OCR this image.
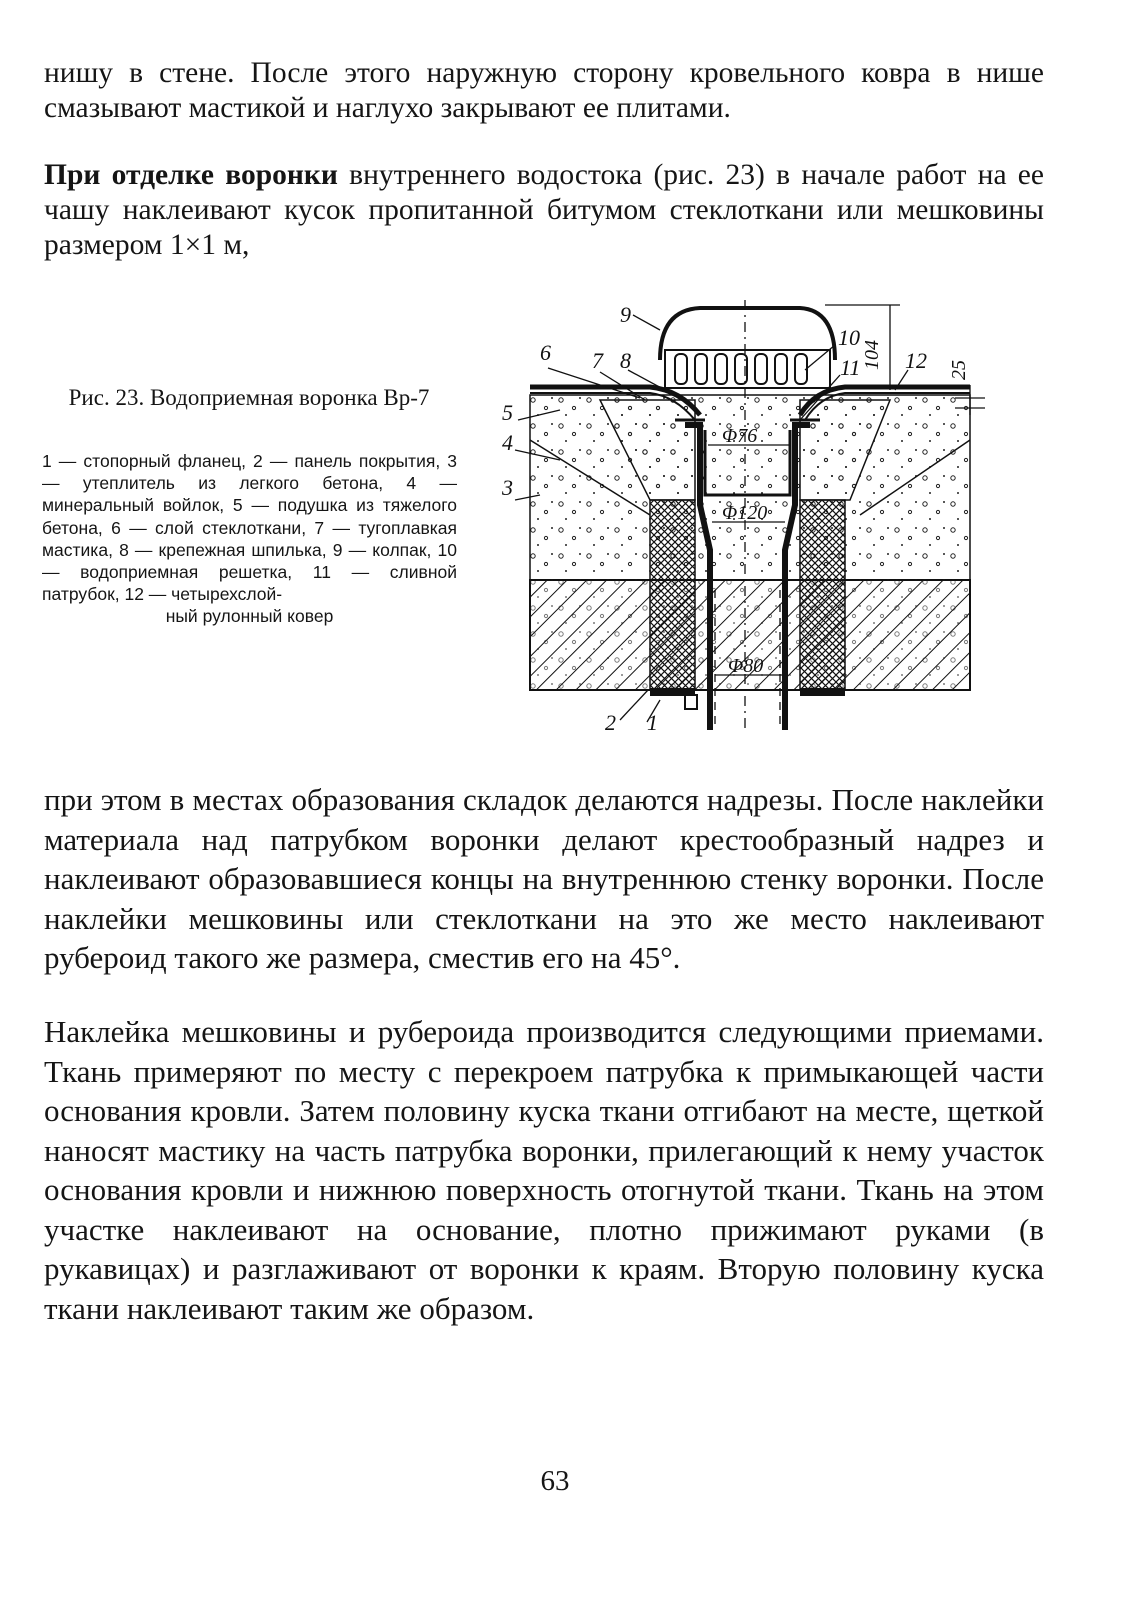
нишу в стене. После этого наружную сторону кровельного ковра в нише смазывают мастикой и наглухо закрывают ее плитами.

При отделке воронки внутреннего водостока (рис. 23) в начале работ на ее чашу наклеивают кусок пропитанной битумом стеклоткани или мешковины размером 1×1 м,

Рис. 23. Водоприемная воронка Вр-7

1 — стопорный фланец, 2 — панель покрытия, 3 — утеплитель из легкого бетона, 4 — минеральный войлок, 5 — подушка из тяжелого бетона, 6 — слой стеклоткани, 7 — тугоплавкая мастика, 8 — крепежная шпилька, 9 — колпак, 10— водоприемная решетка, 11 — сливной патрубок, 12 — четырехслой-
ный рулонный ковер

1
2
3
4
5
6 7 8
9
10
11 12
Φ76
Φ120
Φ80
104	25

при этом в местах образования складок делаются надрезы. После наклейки материала над патрубком воронки делают крестообразный надрез и наклеивают образовавшиеся концы на внутреннюю стенку воронки. После наклейки мешковины или стеклоткани на это же место наклеивают рубероид такого же размера, сместив его на 45°.

Наклейка мешковины и рубероида производится следующими приемами. Ткань примеряют по месту с перекроем патрубка к примыкающей части основания кровли. Затем половину куска ткани отгибают на месте, щеткой наносят мастику на часть патрубка воронки, прилегающий к нему участок основания кровли и нижнюю поверхность отогнутой ткани. Ткань на этом участке наклеивают на основание, плотно прижимают руками (в рукавицах) и разглаживают от воронки к краям. Вторую половину куска ткани наклеивают таким же образом.

63
